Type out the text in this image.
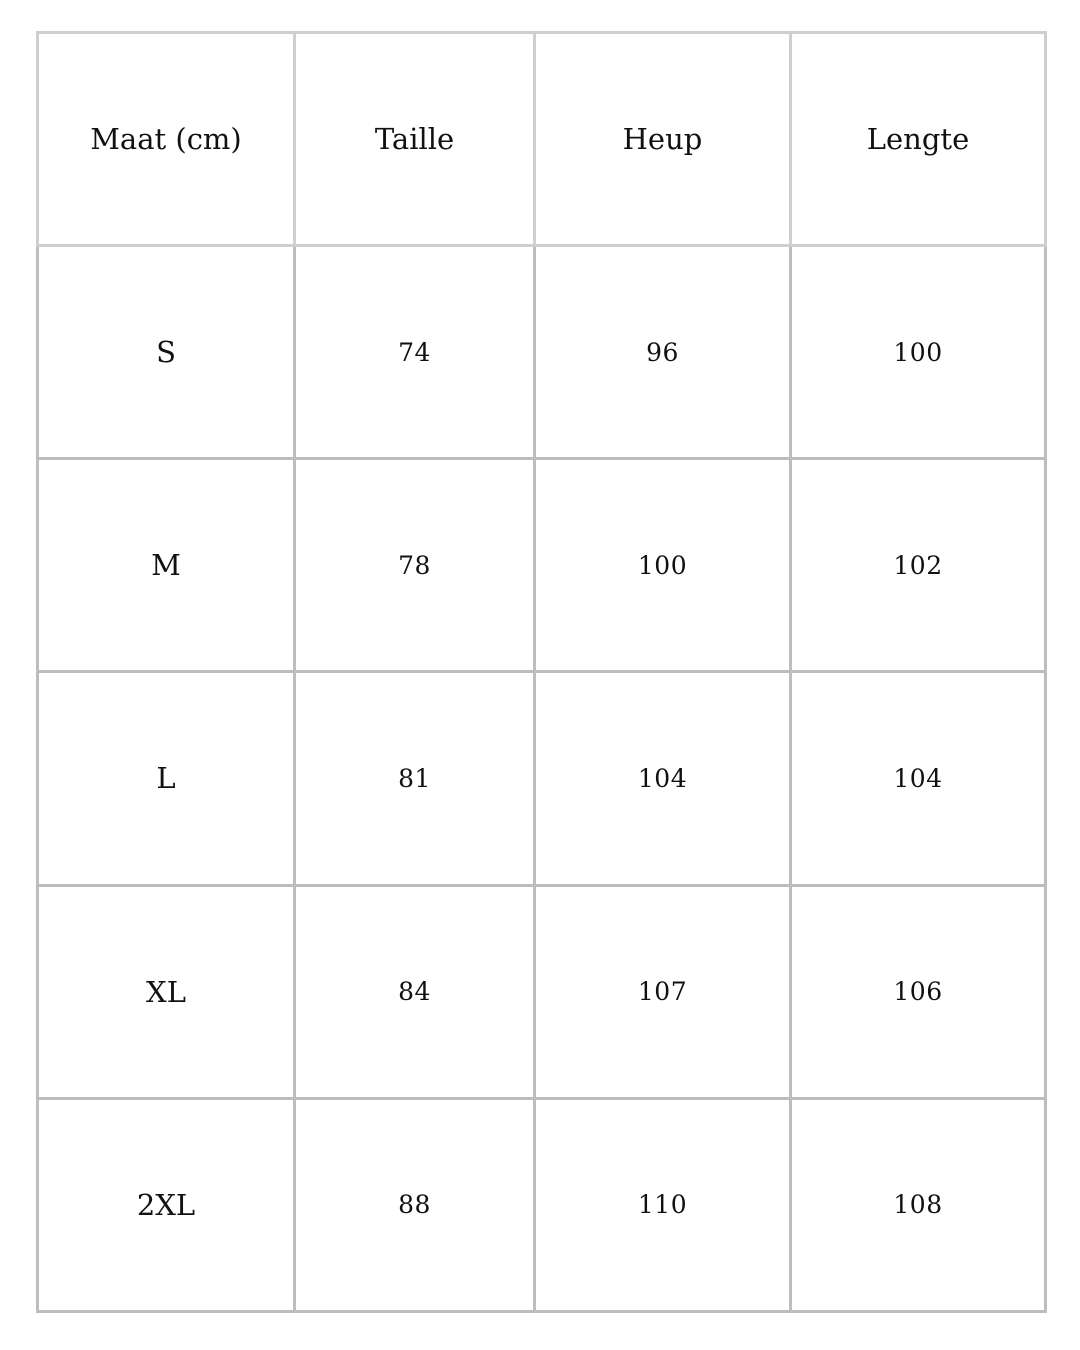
Maat (cm)	Taille	Heup	Lengte
S	74	96	100
M	78	100	102
L	81	104	104
XL	84	107	106
2XL	88	110	108
